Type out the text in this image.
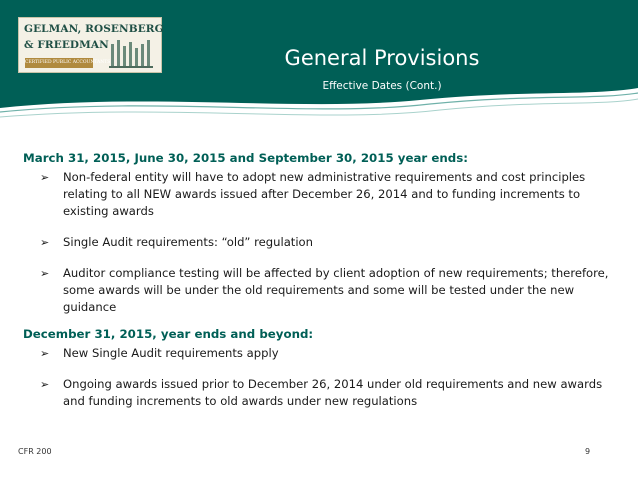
GELMAN, ROSENBERG
& FREEDMAN
CERTIFIED PUBLIC ACCOUNTANTS	General Provisions
Effective Dates (Cont.)
March 31, 2015, June 30, 2015 and September 30, 2015 year ends:
➢ Non-federal entity will have to adopt new administrative requirements and cost principles relating to all NEW awards issued after December 26, 2014 and to funding increments to existing awards
➢ Single Audit requirements: “old” regulation
➢ Auditor compliance testing will be affected by client adoption of new requirements; therefore, some awards will be under the old requirements and some will be tested under the new guidance
December 31, 2015, year ends and beyond:
➢ New Single Audit requirements apply
➢ Ongoing awards issued prior to December 26, 2014 under old requirements and new awards and funding increments to old awards under new regulations
CFR 200	9
